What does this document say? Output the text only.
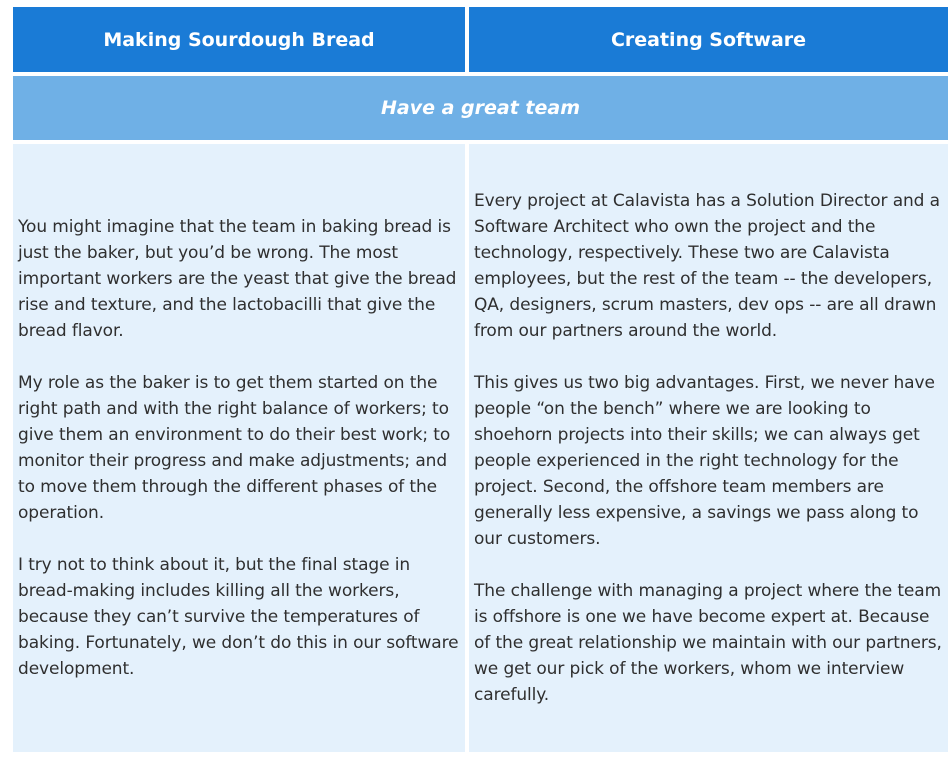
Making Sourdough Bread	Creating Software
Have a great team

You might imagine that the team in baking bread is just the baker, but you’d be wrong. The most important workers are the yeast that give the bread rise and texture, and the lactobacilli that give the bread flavor.

My role as the baker is to get them started on the right path and with the right balance of workers; to give them an environment to do their best work; to monitor their progress and make adjustments; and to move them through the different phases of the operation.

I try not to think about it, but the final stage in bread-making includes killing all the workers, because they can’t survive the temperatures of baking. Fortunately, we don’t do this in our software development.

Every project at Calavista has a Solution Director and a Software Architect who own the project and the technology, respectively. These two are Calavista employees, but the rest of the team -- the developers, QA, designers, scrum masters, dev ops -- are all drawn from our partners around the world.

This gives us two big advantages. First, we never have people “on the bench” where we are looking to shoehorn projects into their skills; we can always get people experienced in the right technology for the project. Second, the offshore team members are generally less expensive, a savings we pass along to our customers.

The challenge with managing a project where the team is offshore is one we have become expert at. Because of the great relationship we maintain with our partners, we get our pick of the workers, whom we interview carefully.
